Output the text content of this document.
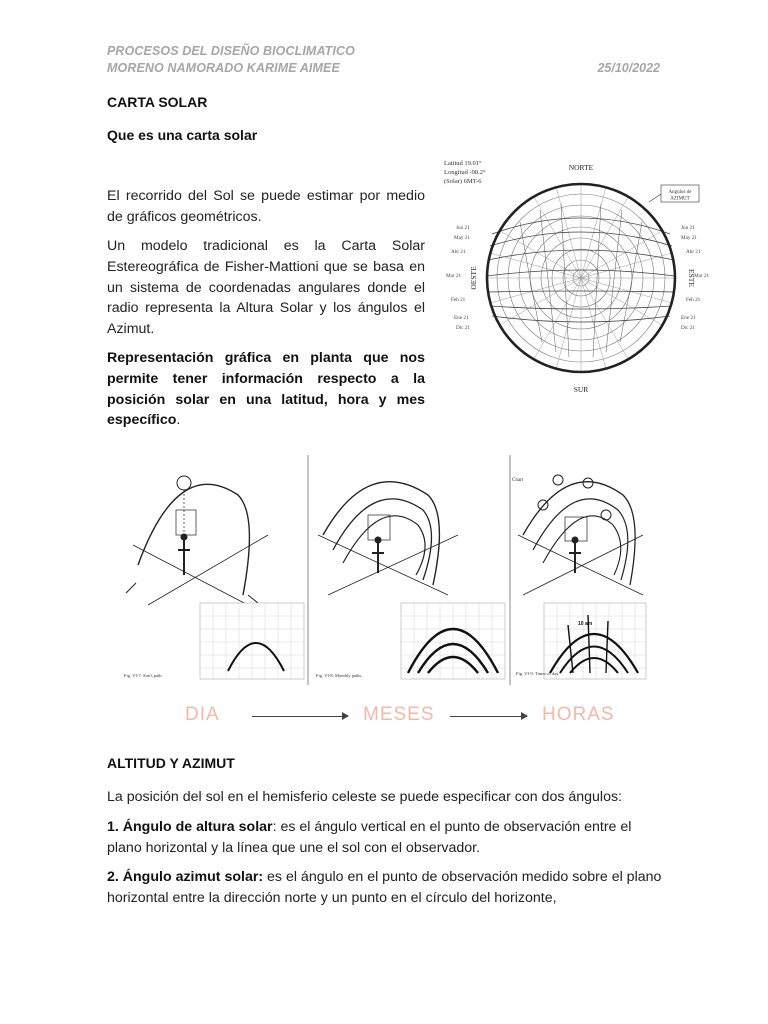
PROCESOS DEL DISEÑO BIOCLIMATICO
MORENO NAMORADO KARIME AIMEE	25/10/2022
CARTA SOLAR
Que es una carta solar
El recorrido del Sol se puede estimar por medio de gráficos geométricos.
Un modelo tradicional es la Carta Solar Estereográfica de Fisher-Mattioni que se basa en un sistema de coordenadas angulares donde el radio representa la Altura Solar y los ángulos el Azimut.
Representación gráfica en planta que nos permite tener información respecto a la posición solar en una latitud, hora y mes específico.
Latitud 19.01°
Longitud -98.2°
(Solar) 6MT-6
NORTE
SUR
ESTE
OESTE
Angulos de
AZIMUT
Jun 21
May 21
Abr 21
Mar 21
Feb 21
Ene 21
Dic 21
Jun 21
May 21
Abr 21
Mar 21
Feb 21
Ene 21
Dic 21
Fig. VI-7: Sun's path.	Fig. VI-8: Monthly paths.
Chart
10 am
Fig. VI-9: Times of day.
DIA	MESES	HORAS
ALTITUD Y AZIMUT
La posición del sol en el hemisferio celeste se puede especificar con dos ángulos:
1. Ángulo de altura solar: es el ángulo vertical en el punto de observación entre el plano horizontal y la línea que une el sol con el observador.
2. Ángulo azimut solar: es el ángulo en el punto de observación medido sobre el plano horizontal entre la dirección norte y un punto en el círculo del horizonte,
